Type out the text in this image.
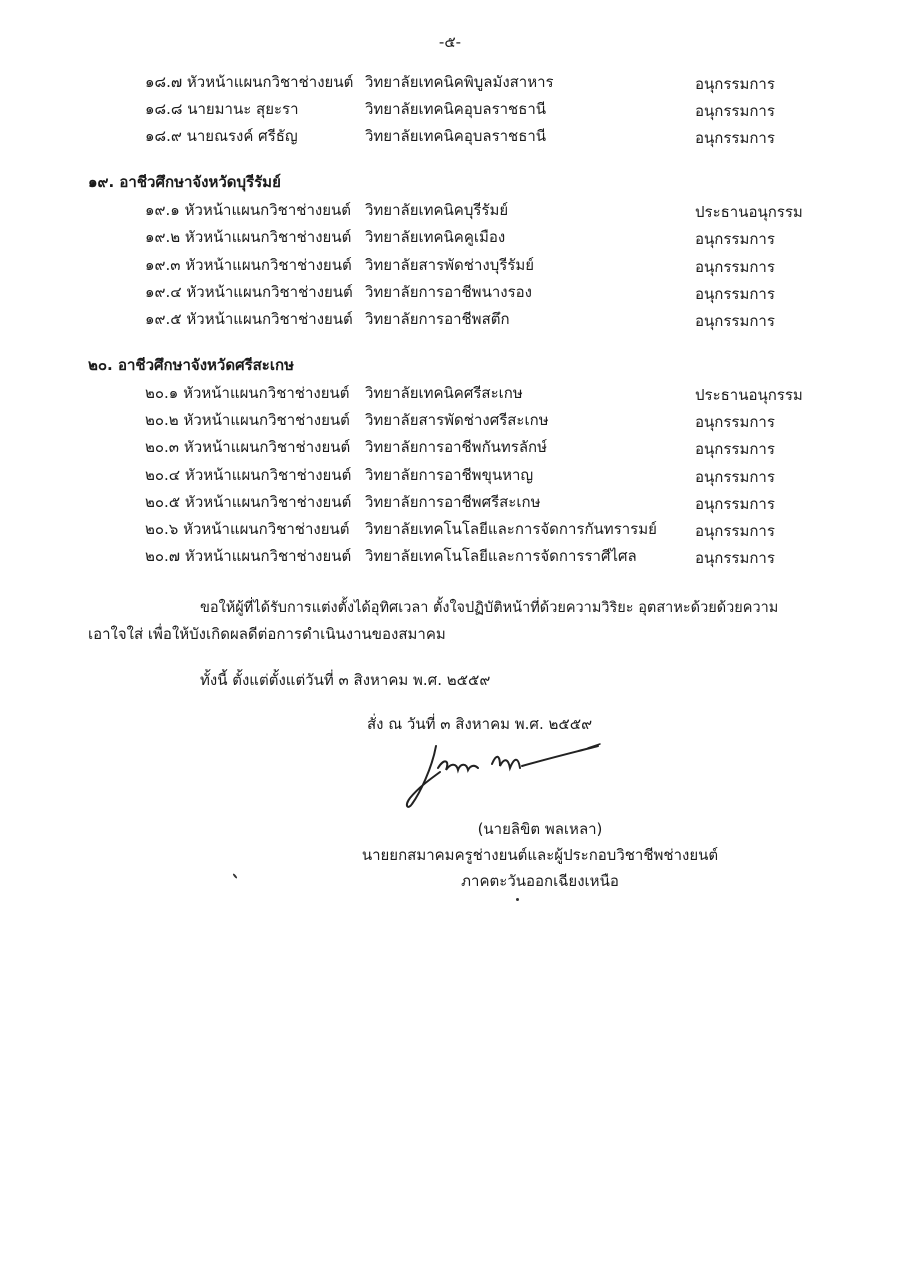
-๕-
๑๘.๗ หัวหน้าแผนกวิชาช่างยนต์ วิทยาลัยเทคนิคพิบูลมังสาหาร	อนุกรรมการ
๑๘.๘ นายมานะ สุยะรา	วิทยาลัยเทคนิคอุบลราชธานี	อนุกรรมการ
๑๘.๙ นายณรงค์ ศรีธัญ	วิทยาลัยเทคนิคอุบลราชธานี	อนุกรรมการ
๑๙. อาชีวศึกษาจังหวัดบุรีรัมย์
๑๙.๑ หัวหน้าแผนกวิชาช่างยนต์ วิทยาลัยเทคนิคบุรีรัมย์	ประธานอนุกรรม
๑๙.๒ หัวหน้าแผนกวิชาช่างยนต์ วิทยาลัยเทคนิคคูเมือง	อนุกรรมการ
๑๙.๓ หัวหน้าแผนกวิชาช่างยนต์ วิทยาลัยสารพัดช่างบุรีรัมย์	อนุกรรมการ
๑๙.๔ หัวหน้าแผนกวิชาช่างยนต์ วิทยาลัยการอาชีพนางรอง	อนุกรรมการ
๑๙.๕ หัวหน้าแผนกวิชาช่างยนต์ วิทยาลัยการอาชีพสตึก	อนุกรรมการ
๒๐. อาชีวศึกษาจังหวัดศรีสะเกษ
๒๐.๑ หัวหน้าแผนกวิชาช่างยนต์ วิทยาลัยเทคนิคศรีสะเกษ	ประธานอนุกรรม
๒๐.๒ หัวหน้าแผนกวิชาช่างยนต์ วิทยาลัยสารพัดช่างศรีสะเกษ	อนุกรรมการ
๒๐.๓ หัวหน้าแผนกวิชาช่างยนต์ วิทยาลัยการอาชีพกันทรลักษ์	อนุกรรมการ
๒๐.๔ หัวหน้าแผนกวิชาช่างยนต์ วิทยาลัยการอาชีพขุนหาญ	อนุกรรมการ
๒๐.๕ หัวหน้าแผนกวิชาช่างยนต์ วิทยาลัยการอาชีพศรีสะเกษ	อนุกรรมการ
๒๐.๖ หัวหน้าแผนกวิชาช่างยนต์ วิทยาลัยเทคโนโลยีและการจัดการกันทรารมย์	อนุกรรมการ
๒๐.๗ หัวหน้าแผนกวิชาช่างยนต์ วิทยาลัยเทคโนโลยีและการจัดการราศีไศล	อนุกรรมการ
ขอให้ผู้ที่ได้รับการแต่งตั้งได้อุทิศเวลา ตั้งใจปฏิบัติหน้าที่ด้วยความวิริยะ อุตสาหะด้วยด้วยความ
เอาใจใส่ เพื่อให้บังเกิดผลดีต่อการดำเนินงานของสมาคม
ทั้งนี้ ตั้งแต่ตั้งแต่วันที่ ๓ สิงหาคม พ.ศ. ๒๕๕๙
สั่ง ณ วันที่ ๓ สิงหาคม พ.ศ. ๒๕๕๙
(นายลิขิต พลเหลา)
นายยกสมาคมครูช่างยนต์และผู้ประกอบวิชาชีพช่างยนต์
ภาคตะวันออกเฉียงเหนือ
